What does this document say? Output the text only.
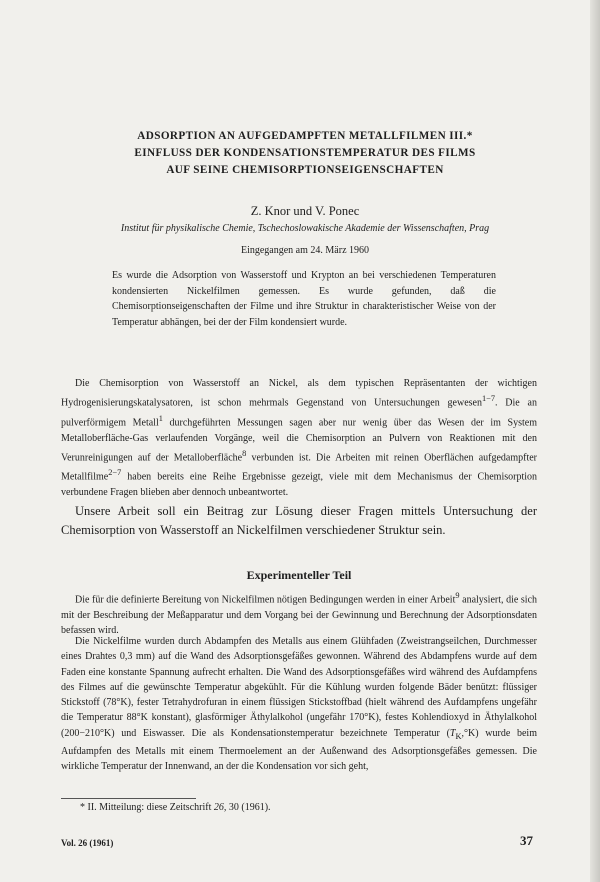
ADSORPTION AN AUFGEDAMPFTEN METALLFILMEN III.*
EINFLUSS DER KONDENSATIONSTEMPERATUR DES FILMS
AUF SEINE CHEMISORPTIONSEIGENSCHAFTEN
Z. Knor und V. Ponec
Institut für physikalische Chemie, Tschechoslowakische Akademie der Wissenschaften, Prag
Eingegangen am 24. März 1960
Es wurde die Adsorption von Wasserstoff und Krypton an bei verschiedenen Temperaturen kondensierten Nickelfilmen gemessen. Es wurde gefunden, daß die Chemisorptionseigenschaften der Filme und ihre Struktur in charakteristischer Weise von der Temperatur abhängen, bei der der Film kondensiert wurde.
Die Chemisorption von Wasserstoff an Nickel, als dem typischen Repräsentanten der wichtigen Hydrogenisierungskatalysatoren, ist schon mehrmals Gegenstand von Untersuchungen gewesen$^{1-7}$. Die an pulverförmigem Metall$^1$ durchgeführten Messungen sagen aber nur wenig über das Wesen der im System Metalloberfläche-Gas verlaufenden Vorgänge, weil die Chemisorption an Pulvern von Reaktionen mit den Verunreinigungen auf der Metalloberfläche$^8$ verbunden ist. Die Arbeiten mit reinen Oberflächen aufgedampfter Metallfilme$^{2-7}$ haben bereits eine Reihe Ergebnisse gezeigt, viele mit dem Mechanismus der Chemisorption verbundene Fragen blieben aber dennoch unbeantwortet.
Unsere Arbeit soll ein Beitrag zur Lösung dieser Fragen mittels Untersuchung der Chemisorption von Wasserstoff an Nickelfilmen verschiedener Struktur sein.
Experimenteller Teil
Die für die definierte Bereitung von Nickelfilmen nötigen Bedingungen werden in einer Arbeit$^9$ analysiert, die sich mit der Beschreibung der Meßapparatur und dem Vorgang bei der Gewinnung und Berechnung der Adsorptionsdaten befassen wird.
Die Nickelfilme wurden durch Abdampfen des Metalls aus einem Glühfaden (Zweistrangseilchen, Durchmesser eines Drahtes 0,3 mm) auf die Wand des Adsorptionsgefäßes gewonnen. Während des Abdampfens wurde auf dem Faden eine konstante Spannung aufrecht erhalten. Die Wand des Adsorptionsgefäßes wird während des Aufdampfens des Filmes auf die gewünschte Temperatur abgekühlt. Für die Kühlung wurden folgende Bäder benützt: flüssiger Stickstoff (78°K), fester Tetrahydrofuran in einem flüssigen Stickstoffbad (hielt während des Aufdampfens ungefähr die Temperatur 88°K konstant), glasförmiger Äthylalkohol (ungefähr 170°K), festes Kohlendioxyd in Äthylalkohol (200−210°K) und Eiswasser. Die als Kondensationstemperatur bezeichnete Temperatur $(T_K,^\circ K)$ wurde beim Aufdampfen des Metalls mit einem Thermoelement an der Außenwand des Adsorptionsgefäßes gemessen. Die wirkliche Temperatur der Innenwand, an der die Kondensation vor sich geht,
* II. Mitteilung: diese Zeitschrift 26, 30 (1961).
Vol. 26 (1961)	37
